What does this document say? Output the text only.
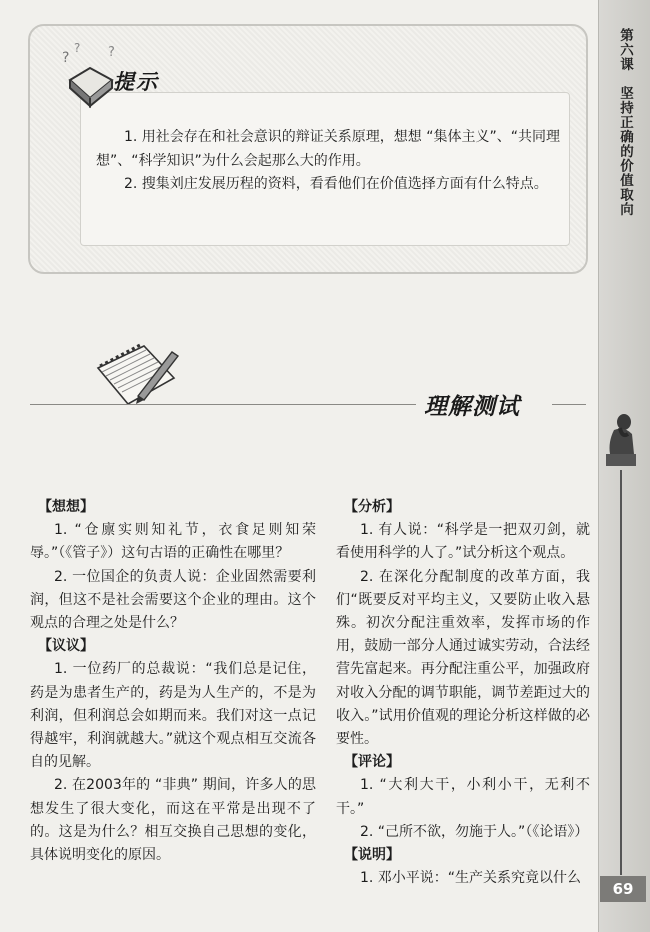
第六课　坚持正确的价值取向
69
?
? ?
提示

1. 用社会存在和社会意识的辩证关系原理，想想 “集体主义”、“共同理想”、“科学知识”为什么会起那么大的作用。

2. 搜集刘庄发展历程的资料，看看他们在价值选择方面有什么特点。

理解测试
【想想】

1. “仓廪实则知礼节，衣食足则知荣辱。”（《管子》）这句古语的正确性在哪里？

2. 一位国企的负责人说：企业固然需要利润，但这不是社会需要这个企业的理由。这个观点的合理之处是什么？

【议议】

1. 一位药厂的总裁说：“我们总是记住，药是为患者生产的，药是为人生产的，不是为利润，但利润总会如期而来。我们对这一点记得越牢，利润就越大。”就这个观点相互交流各自的见解。

2. 在2003年的 “非典” 期间，许多人的思想发生了很大变化，而这在平常是出现不了的。这是为什么？相互交换自己思想的变化，具体说明变化的原因。

【分析】

1. 有人说：“科学是一把双刃剑，就看使用科学的人了。”试分析这个观点。

2. 在深化分配制度的改革方面，我们“既要反对平均主义，又要防止收入悬殊。初次分配注重效率，发挥市场的作用，鼓励一部分人通过诚实劳动，合法经营先富起来。再分配注重公平，加强政府对收入分配的调节职能，调节差距过大的收入。”试用价值观的理论分析这样做的必要性。

【评论】

1. “大利大干，小利小干，无利不干。”

2. “己所不欲，勿施于人。”（《论语》）

【说明】

1. 邓小平说：“生产关系究竟以什么
